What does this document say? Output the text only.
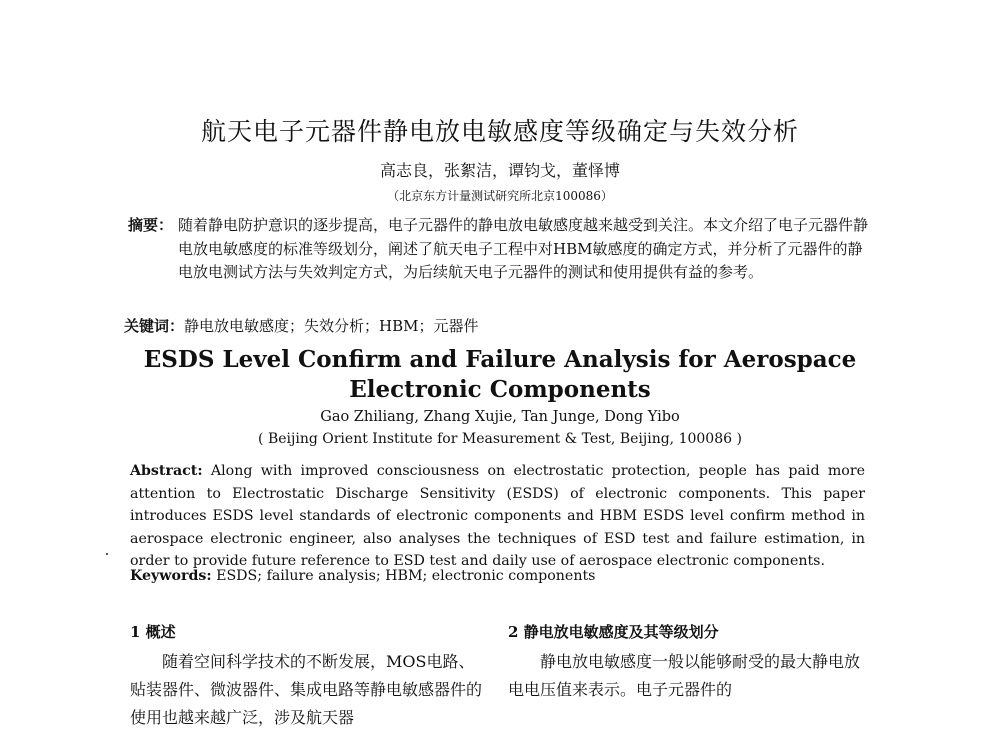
航天电子元器件静电放电敏感度等级确定与失效分析
高志良，张絮洁，谭钧戈，董怿博
（北京东方计量测试研究所北京100086）
摘要： 随着静电防护意识的逐步提高，电子元器件的静电放电敏感度越来越受到关注。本文介绍了电子元器件静电放电敏感度的标准等级划分，阐述了航天电子工程中对HBM敏感度的确定方式，并分析了元器件的静电放电测试方法与失效判定方式，为后续航天电子元器件的测试和使用提供有益的参考。
关键词：静电放电敏感度；失效分析；HBM；元器件
ESDS Level Confirm and Failure Analysis for Aerospace
Electronic Components
Gao Zhiliang, Zhang Xujie, Tan Junge, Dong Yibo
( Beijing Orient Institute for Measurement & Test, Beijing, 100086 )
Abstract: Along with improved consciousness on electrostatic protection, people has paid more attention to Electrostatic Discharge Sensitivity (ESDS) of electronic components. This paper introduces ESDS level standards of electronic components and HBM ESDS level confirm method in aerospace electronic engineer, also analyses the techniques of ESD test and failure estimation, in order to provide future reference to ESD test and daily use of aerospace electronic components.
Keywords: ESDS; failure analysis; HBM; electronic components
1 概述	2 静电放电敏感度及其等级划分
随着空间科学技术的不断发展，MOS电路、贴装器件、微波器件、集成电路等静电敏感器件的使用也越来越广泛，涉及航天器
静电放电敏感度一般以能够耐受的最大静电放电电压值来表示。电子元器件的
